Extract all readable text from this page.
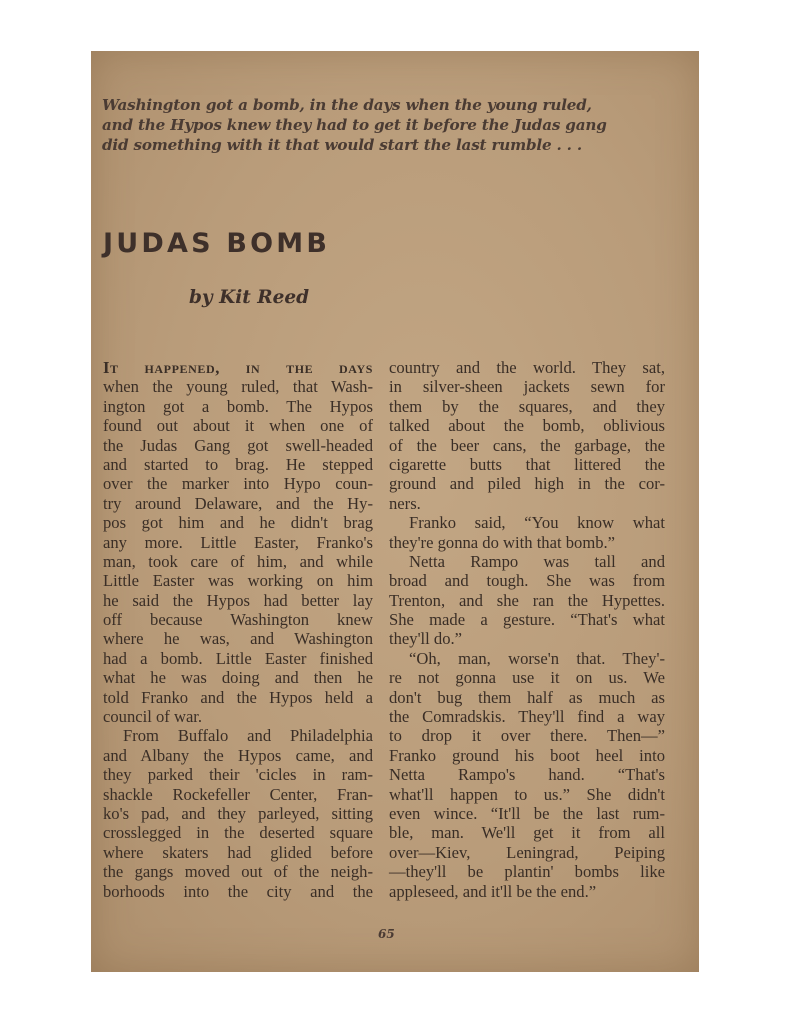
Washington got a bomb, in the days when the young ruled,
and the Hypos knew they had to get it before the Judas gang
did something with it that would start the last rumble . . .
JUDAS BOMB
by Kit Reed
It happened, in the days
when the young ruled, that Wash-
ington got a bomb. The Hypos
found out about it when one of
the Judas Gang got swell-headed
and started to brag. He stepped
over the marker into Hypo coun-
try around Delaware, and the Hy-
pos got him and he didn't brag
any more. Little Easter, Franko's
man, took care of him, and while
Little Easter was working on him
he said the Hypos had better lay
off because Washington knew
where he was, and Washington
had a bomb. Little Easter finished
what he was doing and then he
told Franko and the Hypos held a
council of war.
From Buffalo and Philadelphia
and Albany the Hypos came, and
they parked their 'cicles in ram-
shackle Rockefeller Center, Fran-
ko's pad, and they parleyed, sitting
crosslegged in the deserted square
where skaters had glided before
the gangs moved out of the neigh-
borhoods into the city and the
country and the world. They sat,
in silver-sheen jackets sewn for
them by the squares, and they
talked about the bomb, oblivious
of the beer cans, the garbage, the
cigarette butts that littered the
ground and piled high in the cor-
ners.
Franko said, “You know what
they're gonna do with that bomb.”
Netta Rampo was tall and
broad and tough. She was from
Trenton, and she ran the Hypettes.
She made a gesture. “That's what
they'll do.”
“Oh, man, worse'n that. They'-
re not gonna use it on us. We
don't bug them half as much as
the Comradskis. They'll find a way
to drop it over there. Then—”
Franko ground his boot heel into
Netta Rampo's hand. “That's
what'll happen to us.” She didn't
even wince. “It'll be the last rum-
ble, man. We'll get it from all
over—Kiev, Leningrad, Peiping
—they'll be plantin' bombs like
appleseed, and it'll be the end.”
65
